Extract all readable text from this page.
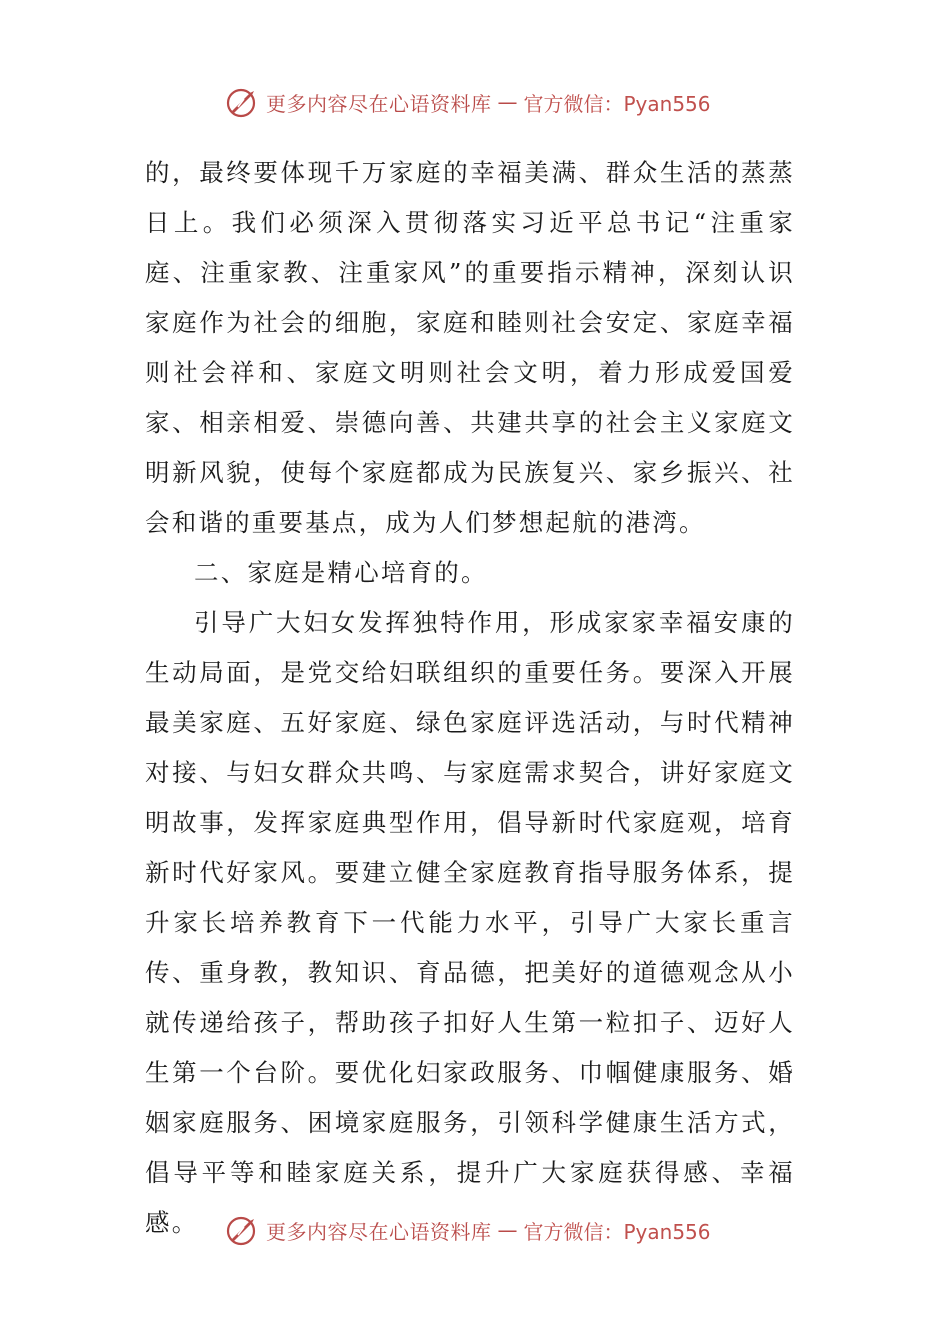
更多内容尽在心语资料库 — 官方微信：Pyan556

的，最终要体现千万家庭的幸福美满、群众生活的蒸蒸日上。我们必须深入贯彻落实习近平总书记“注重家庭、注重家教、注重家风”的重要指示精神，深刻认识家庭作为社会的细胞，家庭和睦则社会安定、家庭幸福则社会祥和、家庭文明则社会文明，着力形成爱国爱家、相亲相爱、崇德向善、共建共享的社会主义家庭文明新风貌，使每个家庭都成为民族复兴、家乡振兴、社会和谐的重要基点，成为人们梦想起航的港湾。

二、家庭是精心培育的。

引导广大妇女发挥独特作用，形成家家幸福安康的生动局面，是党交给妇联组织的重要任务。要深入开展最美家庭、五好家庭、绿色家庭评选活动，与时代精神对接、与妇女群众共鸣、与家庭需求契合，讲好家庭文明故事，发挥家庭典型作用，倡导新时代家庭观，培育新时代好家风。要建立健全家庭教育指导服务体系，提升家长培养教育下一代能力水平，引导广大家长重言传、重身教，教知识、育品德，把美好的道德观念从小就传递给孩子，帮助孩子扣好人生第一粒扣子、迈好人生第一个台阶。要优化妇家政服务、巾帼健康服务、婚姻家庭服务、困境家庭服务，引领科学健康生活方式，倡导平等和睦家庭关系，提升广大家庭获得感、幸福感。	更多内容尽在心语资料库 — 官方微信：Pyan556
